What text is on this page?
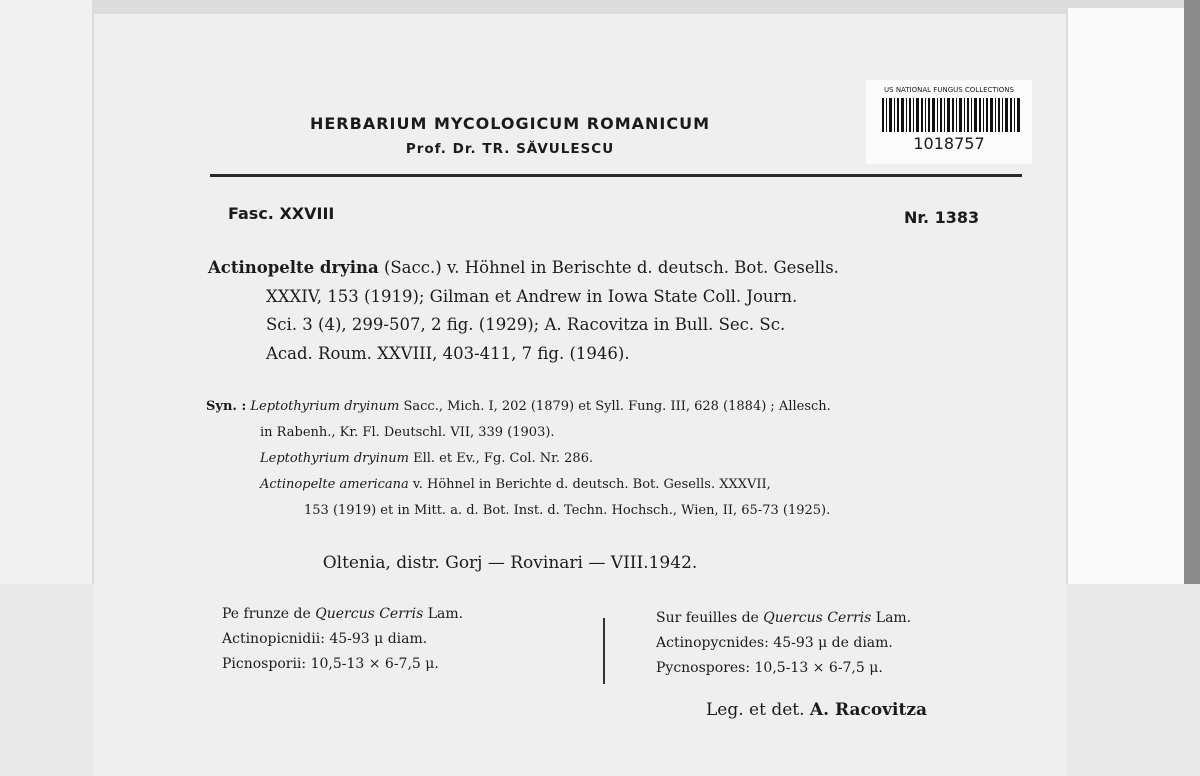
HERBARIUM MYCOLOGICUM ROMANICUM
Prof. Dr. TR. SĂVULESCU
US NATIONAL FUNGUS COLLECTIONS
1018757
Fasc. XXVIII	Nr. 1383
Actinopelte dryina (Sacc.) v. Höhnel in Berischte d. deutsch. Bot. Gesells.
XXXIV, 153 (1919); Gilman et Andrew in Iowa State Coll. Journ.
Sci. 3 (4), 299-507, 2 fig. (1929); A. Racovitza in Bull. Sec. Sc.
Acad. Roum. XXVIII, 403-411, 7 fig. (1946).
Syn. : Leptothyrium dryinum Sacc., Mich. I, 202 (1879) et Syll. Fung. III, 628 (1884) ; Allesch.
in Rabenh., Kr. Fl. Deutschl. VII, 339 (1903).
Leptothyrium dryinum Ell. et Ev., Fg. Col. Nr. 286.
Actinopelte americana v. Höhnel in Berichte d. deutsch. Bot. Gesells. XXXVII,
153 (1919) et in Mitt. a. d. Bot. Inst. d. Techn. Hochsch., Wien, II, 65-73 (1925).
Oltenia, distr. Gorj — Rovinari — VIII.1942.
Pe frunze de Quercus Cerris Lam.
Actinopicnidii: 45-93 μ diam.
Picnosporii: 10,5-13 × 6-7,5 μ.
Sur feuilles de Quercus Cerris Lam.
Actinopycnides: 45-93 μ de diam.
Pycnospores: 10,5-13 × 6-7,5 μ.
Leg. et det. A. Racovitza
